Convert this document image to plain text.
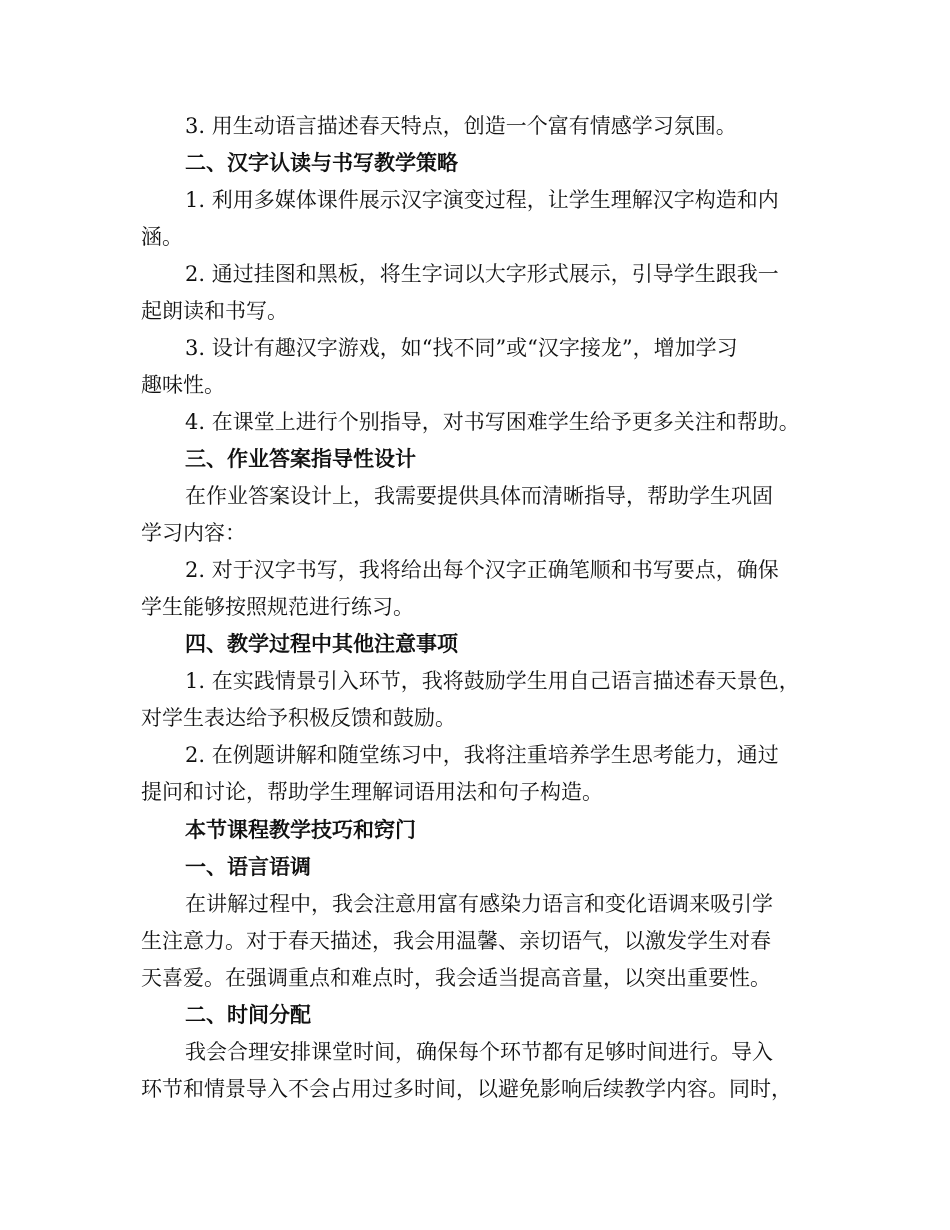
3. 用生动语言描述春天特点，创造一个富有情感学习氛围。
二、汉字认读与书写教学策略
1. 利用多媒体课件展示汉字演变过程，让学生理解汉字构造和内
涵。
2. 通过挂图和黑板，将生字词以大字形式展示，引导学生跟我一
起朗读和书写。
3. 设计有趣汉字游戏，如“找不同”或“汉字接龙”，增加学习
趣味性。
4. 在课堂上进行个别指导，对书写困难学生给予更多关注和帮助。
三、作业答案指导性设计
在作业答案设计上，我需要提供具体而清晰指导，帮助学生巩固
学习内容：
2. 对于汉字书写，我将给出每个汉字正确笔顺和书写要点，确保
学生能够按照规范进行练习。
四、教学过程中其他注意事项
1. 在实践情景引入环节，我将鼓励学生用自己语言描述春天景色，
对学生表达给予积极反馈和鼓励。
2. 在例题讲解和随堂练习中，我将注重培养学生思考能力，通过
提问和讨论，帮助学生理解词语用法和句子构造。
本节课程教学技巧和窍门
一、语言语调
在讲解过程中，我会注意用富有感染力语言和变化语调来吸引学
生注意力。对于春天描述，我会用温馨、亲切语气，以激发学生对春
天喜爱。在强调重点和难点时，我会适当提高音量，以突出重要性。
二、时间分配
我会合理安排课堂时间，确保每个环节都有足够时间进行。导入
环节和情景导入不会占用过多时间，以避免影响后续教学内容。同时，
